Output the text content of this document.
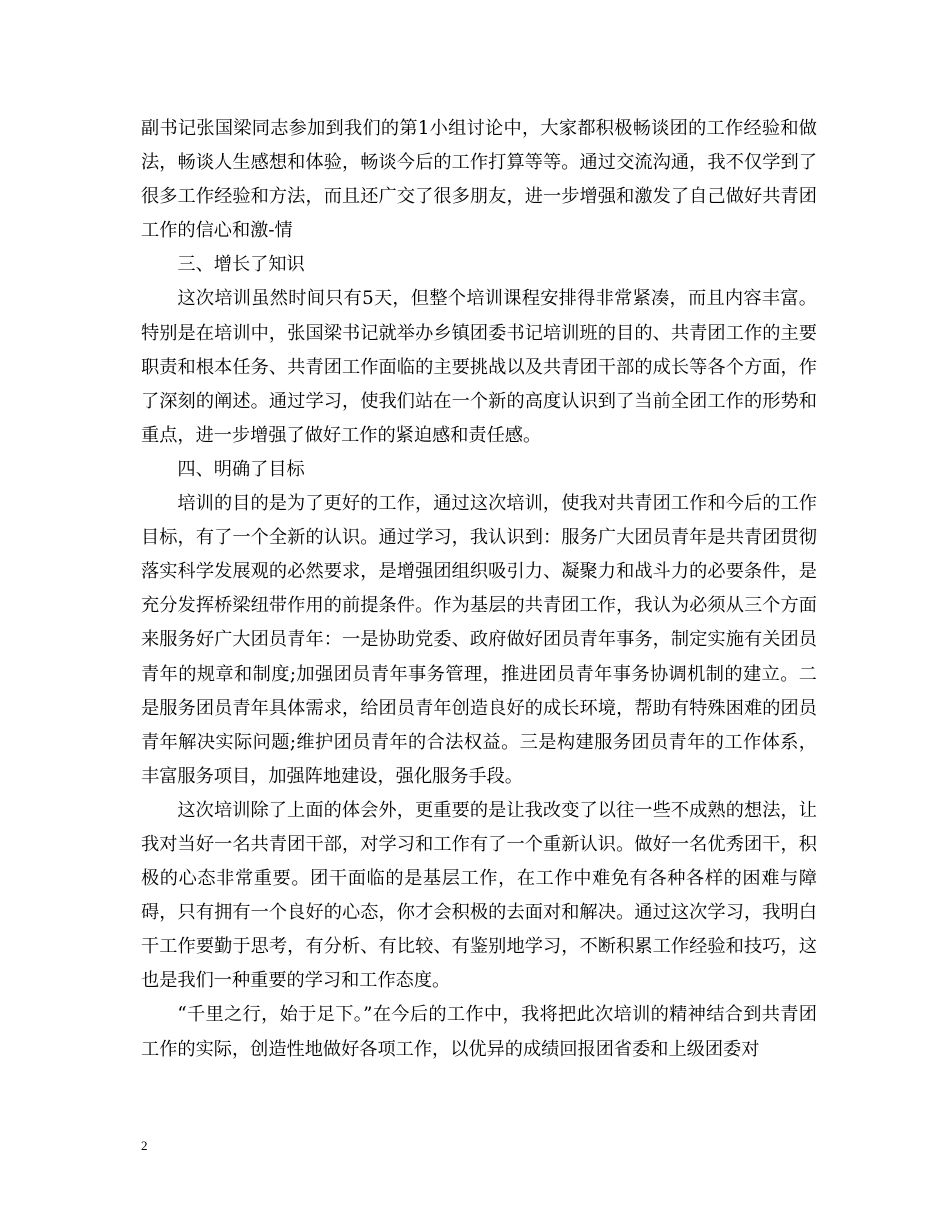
副书记张国梁同志参加到我们的第1小组讨论中，大家都积极畅谈团的工作经验和做法，畅谈人生感想和体验，畅谈今后的工作打算等等。通过交流沟通，我不仅学到了很多工作经验和方法，而且还广交了很多朋友，进一步增强和激发了自己做好共青团工作的信心和激-情

三、增长了知识

这次培训虽然时间只有5天，但整个培训课程安排得非常紧凑，而且内容丰富。特别是在培训中，张国梁书记就举办乡镇团委书记培训班的目的、共青团工作的主要职责和根本任务、共青团工作面临的主要挑战以及共青团干部的成长等各个方面，作了深刻的阐述。通过学习，使我们站在一个新的高度认识到了当前全团工作的形势和重点，进一步增强了做好工作的紧迫感和责任感。

四、明确了目标

培训的目的是为了更好的工作，通过这次培训，使我对共青团工作和今后的工作目标，有了一个全新的认识。通过学习，我认识到：服务广大团员青年是共青团贯彻落实科学发展观的必然要求，是增强团组织吸引力、凝聚力和战斗力的必要条件，是充分发挥桥梁纽带作用的前提条件。作为基层的共青团工作，我认为必须从三个方面来服务好广大团员青年：一是协助党委、政府做好团员青年事务，制定实施有关团员青年的规章和制度;加强团员青年事务管理，推进团员青年事务协调机制的建立。二是服务团员青年具体需求，给团员青年创造良好的成长环境，帮助有特殊困难的团员青年解决实际问题;维护团员青年的合法权益。三是构建服务团员青年的工作体系，丰富服务项目，加强阵地建设，强化服务手段。

这次培训除了上面的体会外，更重要的是让我改变了以往一些不成熟的想法，让我对当好一名共青团干部，对学习和工作有了一个重新认识。做好一名优秀团干，积极的心态非常重要。团干面临的是基层工作，在工作中难免有各种各样的困难与障碍，只有拥有一个良好的心态，你才会积极的去面对和解决。通过这次学习，我明白干工作要勤于思考，有分析、有比较、有鉴别地学习，不断积累工作经验和技巧，这也是我们一种重要的学习和工作态度。

“千里之行，始于足下。”在今后的工作中，我将把此次培训的精神结合到共青团工作的实际，创造性地做好各项工作，以优异的成绩回报团省委和上级团委对

2
